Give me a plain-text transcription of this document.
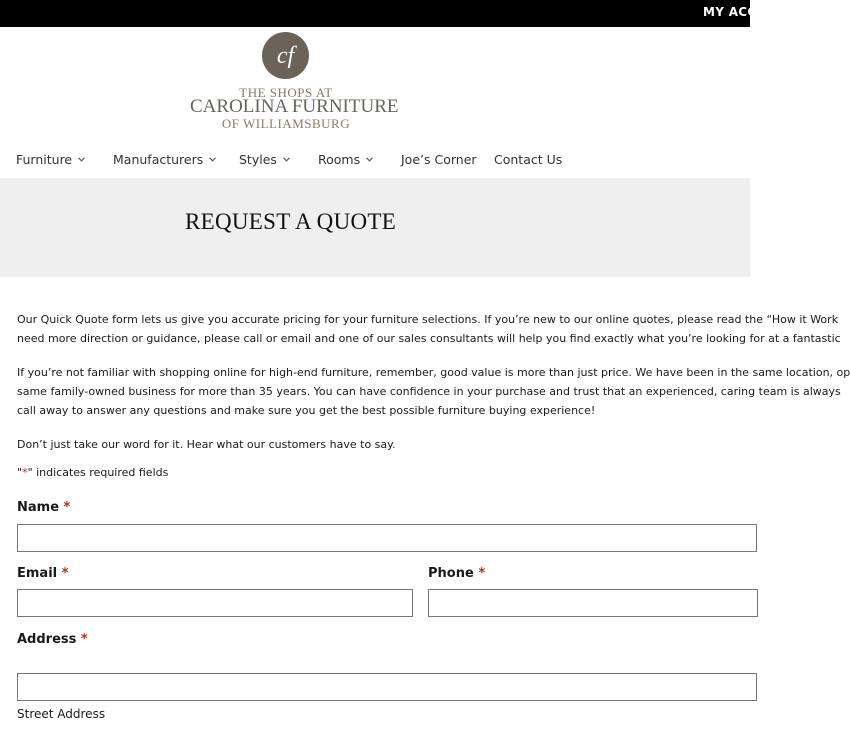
MY ACCO
cf
THE SHOPS AT
CAROLINA FURNITURE
OF WILLIAMSBURG
Furniture	Manufacturers	Styles	Rooms	Joe’s Corner Contact Us
REQUEST A QUOTE

Our Quick Quote form lets us give you accurate pricing for your furniture selections. If you’re new to our online quotes, please read the “How it Work

need more direction or guidance, please call or email and one of our sales consultants will help you find exactly what you’re looking for at a fantastic

If you’re not familiar with shopping online for high-end furniture, remember, good value is more than just price. We have been in the same location, op

same family-owned business for more than 35 years. You can have confidence in your purchase and trust that an experienced, caring team is always

call away to answer any questions and make sure you get the best possible furniture buying experience!

Don’t just take our word for it. Hear what our customers have to say.

"*" indicates required fields
Name *
Email *	Phone *
Address *
Street Address
